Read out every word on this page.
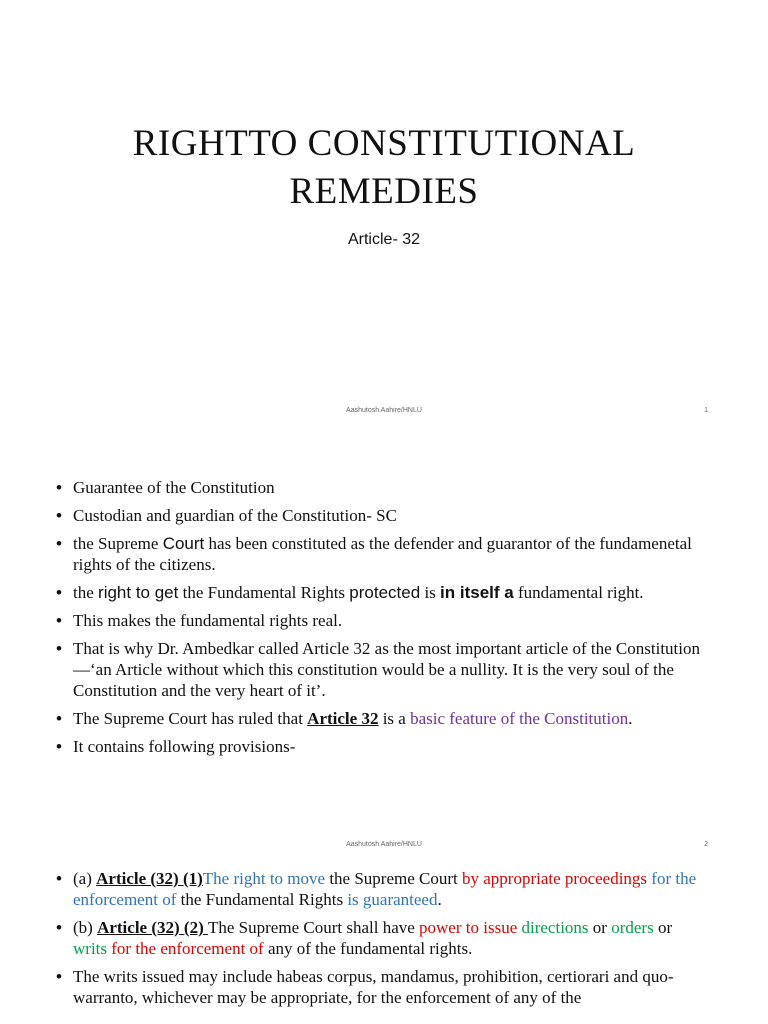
RIGHTTO CONSTITUTIONAL
REMEDIES
Article- 32
Aashutosh Aahire/HNLU	1
• Guarantee of the Constitution
• Custodian and guardian of the Constitution- SC
• the Supreme Court has been constituted as the defender and guarantor of the fundamenetal rights of the citizens.
• the right to get the Fundamental Rights protected is in itself a fundamental right.
• This makes the fundamental rights real.
• That is why Dr. Ambedkar called Article 32 as the most important article of the Constitution—‘an Article without which this constitution would be a nullity. It is the very soul of the Constitution and the very heart of it’.
• The Supreme Court has ruled that Article 32 is a basic feature of the Constitution.
• It contains following provisions-
Aashutosh Aahire/HNLU	2
• (a) Article (32) (1)The right to move the Supreme Court by appropriate proceedings for the enforcement of the Fundamental Rights is guaranteed.
• (b) Article (32) (2) The Supreme Court shall have power to issue directions or orders or writs for the enforcement of any of the fundamental rights.
• The writs issued may include habeas corpus, mandamus, prohibition, certiorari and quo-warranto, whichever may be appropriate, for the enforcement of any of the
